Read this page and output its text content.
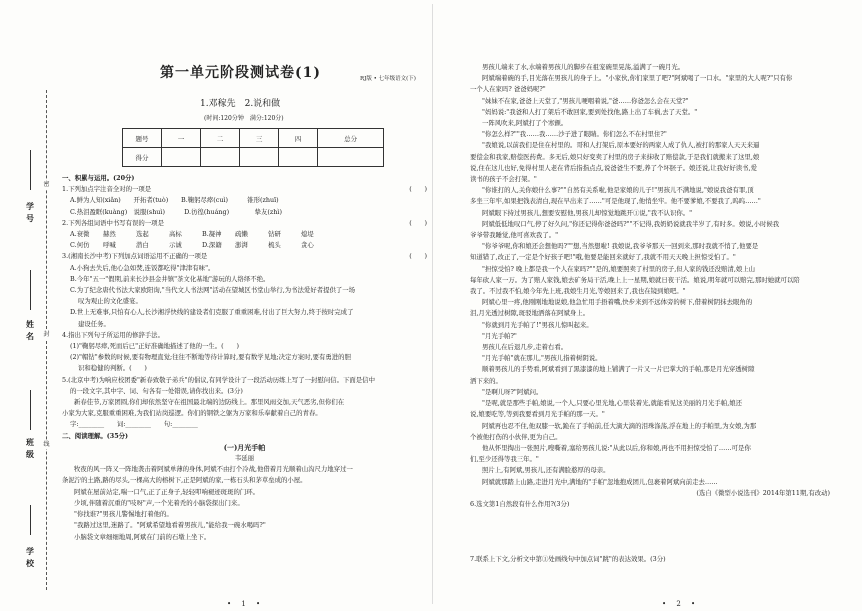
学号
姓名
班级
学校
密
封
线
第一单元阶段测试卷(1)	RJ版 • 七年级语文(下)
1.邓稼先　2.说和做
(时间:120分钟　满分:120分)
题号	一	二	三	四	总分
得分					
一、积累与运用。(20分)
1.下列加点字注音全对的一项是	(　　)
A.鲜为人知(xiǎn)　　开拓者(tuò)　　B.鞠躬尽瘁(cuì)　　　锥形(zhuī)
C.热泪盈眶(kuàng)　说服(shuì)　　　D.彷徨(huáng)　　　　挚友(zhì)
2.下列各组词语中书写有误的一项是	(　　)
A.衰微	赫然	选起	高标	B.凝神	疏懒	钻研	熄堤
C.何仿	呼喊	潜白	示诚	D.深籍	澎湃	梳头	贪心
3.(湘南长沙中考)下列加点词语运用不正确的一项是	(　　)
A.小狗去失后,他心急如焚,连饭都吃得"津津有味"。
B.今年"五一"假期,前来长沙县金井镇"茶文化基地"游玩的人络绎不绝。
C.为了纪念唐代书法大家欧阳询,"当代文人书法网"活动在望城区书堂山举行,为书法爱好者提供了一场
叹为观止的文化盛宴。
D.世上无难事,只怕有心人,长沙湘浮快线的建设者们克服了重重困难,付出了巨大努力,终于按时完成了
建设任务。
4.指出下列句子所运用的修辞手法。
(1)"鞠躬尽瘁,死而后已"正好准确地描述了他的一生。(　　)
(2)"帽钻"参数的时候,要有物理直觉;往往不断地等待计算时,要有数学见地;决定方案时,要有勇进的胆
识和稳健的判断。(　　)
5.(北京中考)为响应校团委"新春致敬子弟兵"的倡议,有同学设计了一段活动历练上写了一封慰问信。下面是信中
的一段文字,其中字、词、句各有一处错误,请你找出来。(3分)
新春佳节,万家团圆,你们却依然坚守在祖国最北端的边防线上。那里风雨交加,天气恶劣,但你们在
小家为大家,克服重重困难,为我们站岗巡逻。你们的钢铁之躯为万家和乐奉献着自己的青春。
字:________　　词:________　　句:________
二、阅读理解。(35分)
(一)月光手帕
韦延丽
牧夜的风一阵又一阵地袭击着阿斌单薄的身体,阿斌不由打个冷战,他借着月光顺着山沟尺力地穿过一
条泥泞的土路,路的尽头,一棵高大的榕树下,正是阿斌的家,一栋石头和茅草垒成的小屋。
阿斌在屋前站定,喘一口气,正了正身子,轻轻叩响褪迹斑斑的门环。
少顷,伴随着沉重的"吱呀"声,一个光着秃的小脑袋探出门来。
"你找谁?"男孩儿警惕地打着他的。
"我路过这里,迷路了。"阿斌希望地看着男孩儿,"能给我一碗水喝吗?"
小脑袋文章细细地周,阿斌在门前的石墩上坐下。
男孩儿端来了水,水端着男孩儿的脚步在祖宠碗里晃荡,溢满了一碗月光。
阿斌端着碗的手,目光落在男孩儿的身子上。"小家伙,你们家里了吧?"阿斌喝了一口水。"家里的大人呢?"只有你
一个人在家吗? 爸爸妈呢?"
"妹妹不在家,爸爸上天堂了,"男孩儿哽咽着说,"爸……你爸怎么会在天堂?"
"妈妈说:"我爸和人打了架后不敢回家,要到处找他,路上出了车祸,去了天堂。"
一阵风吹来,阿斌打了个寒颤。
"你怎么样?""我……我……沙子进了眼睛。你们怎么不在村里住?"
"我娘说,以前我们是住在村里的。哥和人打架后,原本要好的两家人成了仇人,被打的那家人天天来逼
要偿金和我家,赔偿医药费。多无后,娘只好变卖了村里的房子来抹收了赔偿款,于是我们就搬来了这里,娘
说,住在这儿也好,免得村里人老在背后指指点点,说爸爸生不要,养了个坏胚子。娘还说,让我好好读书,爱
读书的孩子不会打架。"
"你谁打的人,关你娘什么事?""自然有关系啦,他是家娘的儿子!"男孩儿不满地说,"娘说我爸有罪,顶
多坐三年牢,如果把钱表清白,现在早出来了……"可是他现了,他悄坐牢。他不要爹娘,不要我了,呜呜……"
阿斌眼下持过男孩儿,想要安慰他,男孩儿却惊觉地跳开①说,"我不认识你。"
阿斌低低地叹口气,停了好久问,"你还记得你爸爸吗?""不记得,我奶奶说就我半岁了,有时多。娘说,小时候我
爷爷带我睡觉,他可喜欢我了。"
"你爷爷呢,你和娘还会想他吗?""想,当然想啦! 我娘说,我爷爷那天一回到来,那时我就不悄了,他要是
知道错了,改正了,一定是个好孩子吧!"哦,他要是能回来就好了,我就不用天天晚上担惊受怕了。"
"担惊受怕? 晚上都是我一个人在家吗?""是的,娘要照卖了村里的房子,但人家的钱还没赔清,娘上山
每年砍人家一万。为了赔人家钱,娘去矿务局干活,晚上上一星期,娘就日夜干活。娘说,明年就可以赔完,那时她就可以陪
我了。不过我不怕,娘今年先上班,我娘生月光,等娘回来了,我也在镜到娘吧。"
阿斌心里一疼,他刚刚地地说娘,他急忙用手捂着嘴,快步来到不远体旁的树下,借着树阴抹去眼角的
泪,月光透过树隙,斑驳地洒落在阿斌身上。
"你就到月光手帕了!"男孩儿惊叫起来。
"月光手帕?"
男孩儿在后退几步,走着右看。
"月光手帕"就在那儿,"男孩儿指着树阴说。
顺着男孩儿的手势看,阿斌看到了黑漆漆的地上铺满了一片又一片巴掌大的手帕,那是月光穿透树隙
洒下来的。
"是啊儿呀?"阿斌问。
"是呢,就是那些手帕,娘说,一个人,只要心里光地,心里装着光,就能看见这美丽的月光手帕,娘还
说,娘要吃等,等到我要看到月光手帕的那一天。"
阿斌再也忍不住,他双膝一软,跪在了手帕前,任大滴大滴的泪珠涤荡,浮在地上的手帕里,为女娘,为那
个被他打伤的小伙伴,更为自己。
他从怀里掏出一张照片,嗖嘶着,塞给男孩儿说:"从此以后,你和娘,再也不用担惊受怕了……可是你
们,至少还得等我三年。"
照片上,有阿斌,男孩儿,还有满脸憨厚的母亲。
阿斌就那踏上山路,走进月光中,满地的"手帕"忽地抱成团儿,包裹着阿斌向前走去……
(选自《微型小说选刊》2014年第11期,有改动)
6.选文第1自然段有什么作用?(3分)
7.联系上下文,分析文中第①处画线句中加点词"跳"的表达效果。(3分)
• 1 •	• 2 •
